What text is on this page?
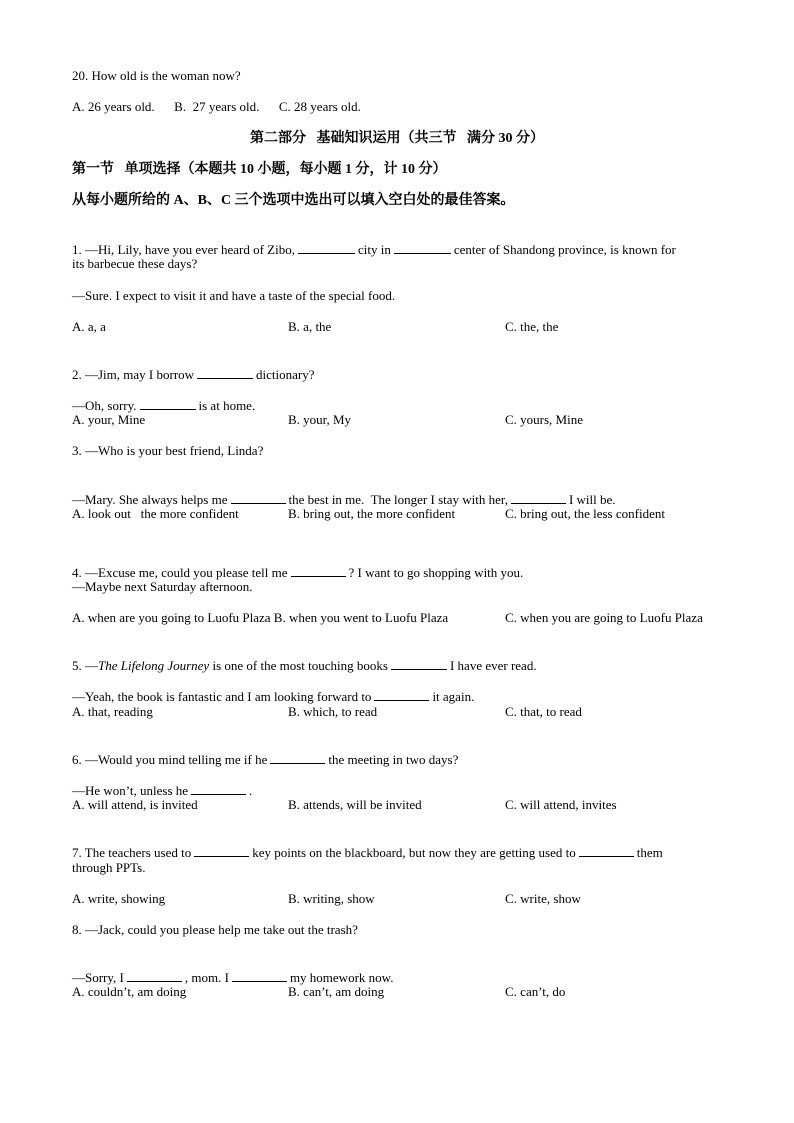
20. How old is the woman now?
A. 26 years old.      B.  27 years old.      C. 28 years old.
第二部分   基础知识运用（共三节   满分 30 分）
第一节   单项选择（本题共 10 小题，每小题 1 分，计 10 分）
从每小题所给的 A、B、C 三个选项中选出可以填入空白处的最佳答案。

1. —Hi, Lily, have you ever heard of Zibo,	city in	center of Shandong province, is known for

its barbecue these days?
—Sure. I expect to visit it and have a taste of the special food.
A. a, a	B. a, the	C. the, the

2. —Jim, may I borrow	dictionary?

—Oh, sorry.	is at home.

A. your, Mine	B. your, My	C. yours, Mine
3. —Who is your best friend, Linda?

—Mary. She always helps me	the best in me.  The longer I stay with her,	I will be.

A. look out   the more confident	B. bring out, the more confident	C. bring out, the less confident

4. —Excuse me, could you please tell me	? I want to go shopping with you.

—Maybe next Saturday afternoon.
A. when are you going to Luofu Plaza B. when you went to Luofu Plaza	C. when you are going to Luofu Plaza

5. —The Lifelong Journey is one of the most touching books	I have ever read.

—Yeah, the book is fantastic and I am looking forward to	it again.

A. that, reading	B. which, to read	C. that, to read

6. —Would you mind telling me if he	the meeting in two days?

—He won’t, unless he	.

A. will attend, is invited	B. attends, will be invited	C. will attend, invites

7. The teachers used to	key points on the blackboard, but now they are getting used to	them

through PPTs.
A. write, showing	B. writing, show	C. write, show
8. —Jack, could you please help me take out the trash?

—Sorry, I	, mom. I	my homework now.

A. couldn’t, am doing	B. can’t, am doing	C. can’t, do
